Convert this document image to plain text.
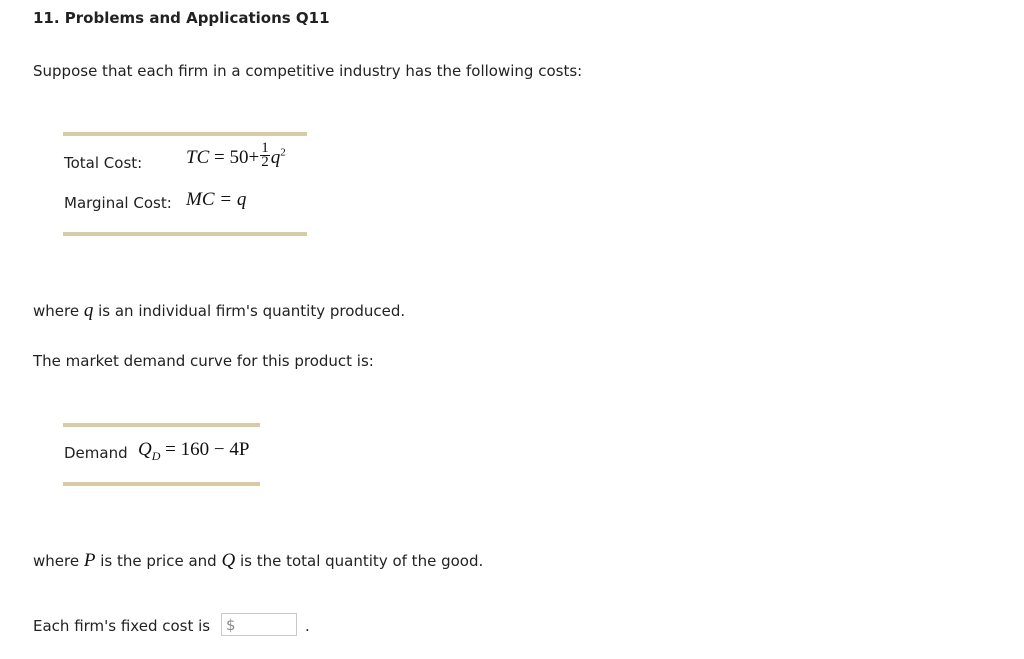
11. Problems and Applications Q11
Suppose that each firm in a competitive industry has the following costs:
Total Cost: TC = $50+ \frac{1}{2} q^2$
Marginal Cost: MC = q
where q is an individual firm's quantity produced.
The market demand curve for this product is:
Demand $Q_D = 160 - 4P$
where P is the price and Q is the total quantity of the good.
Each firm's fixed cost is $	.
